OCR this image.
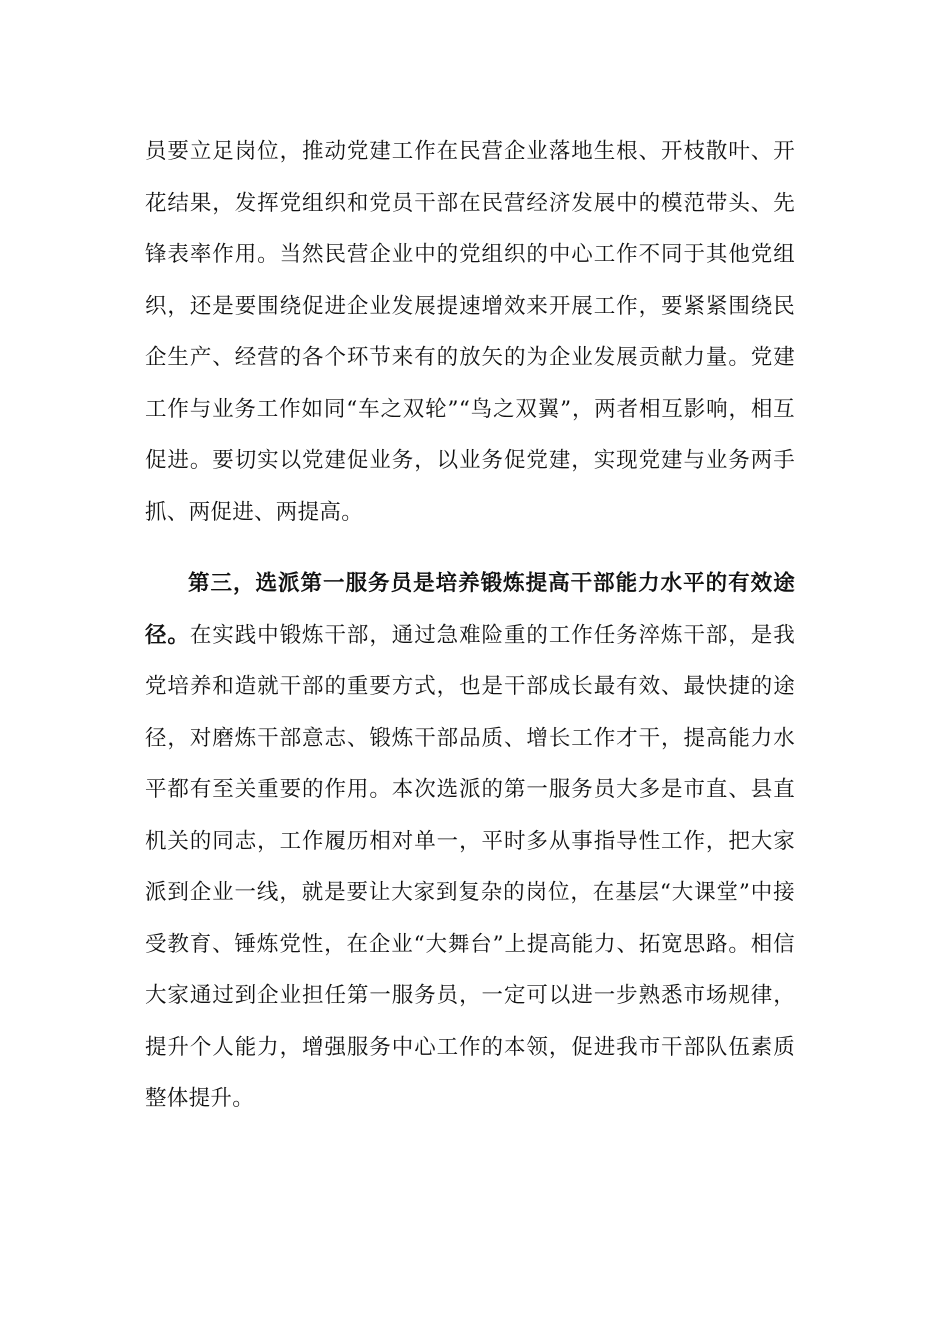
员要立足岗位，推动党建工作在民营企业落地生根、开枝散叶、开花结果，发挥党组织和党员干部在民营经济发展中的模范带头、先锋表率作用。当然民营企业中的党组织的中心工作不同于其他党组织，还是要围绕促进企业发展提速增效来开展工作，要紧紧围绕民企生产、经营的各个环节来有的放矢的为企业发展贡献力量。党建工作与业务工作如同“车之双轮”“鸟之双翼”，两者相互影响，相互促进。要切实以党建促业务，以业务促党建，实现党建与业务两手抓、两促进、两提高。

第三，选派第一服务员是培养锻炼提高干部能力水平的有效途径。在实践中锻炼干部，通过急难险重的工作任务淬炼干部，是我党培养和造就干部的重要方式，也是干部成长最有效、最快捷的途径，对磨炼干部意志、锻炼干部品质、增长工作才干，提高能力水平都有至关重要的作用。本次选派的第一服务员大多是市直、县直机关的同志，工作履历相对单一，平时多从事指导性工作，把大家派到企业一线，就是要让大家到复杂的岗位，在基层“大课堂”中接受教育、锤炼党性，在企业“大舞台”上提高能力、拓宽思路。相信大家通过到企业担任第一服务员，一定可以进一步熟悉市场规律，提升个人能力，增强服务中心工作的本领，促进我市干部队伍素质整体提升。
